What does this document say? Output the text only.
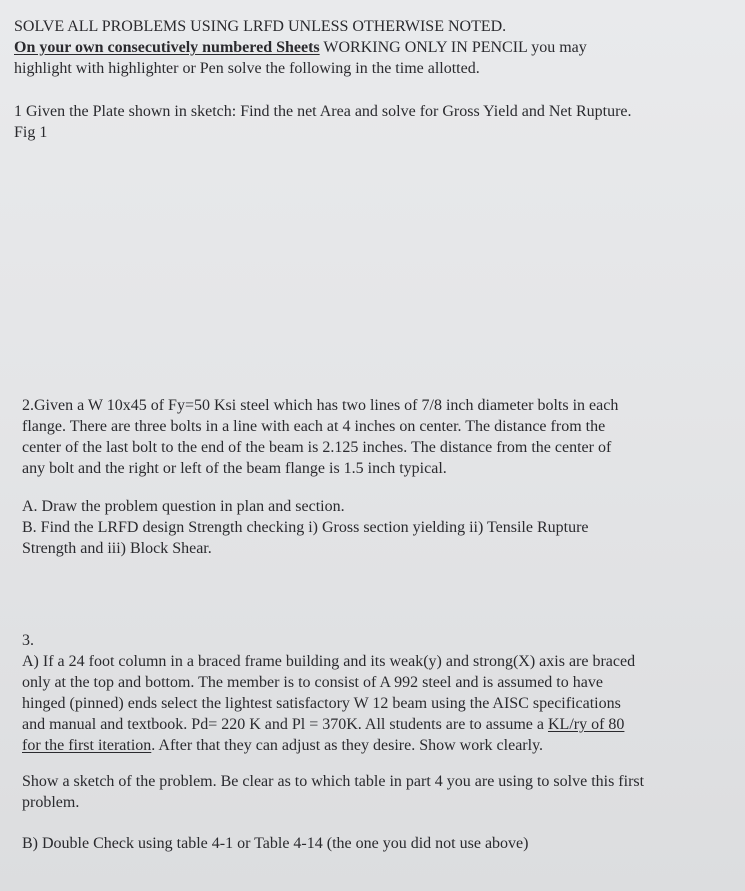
SOLVE ALL PROBLEMS USING LRFD UNLESS OTHERWISE NOTED.
On your own consecutively numbered Sheets WORKING ONLY IN PENCIL you may
highlight with highlighter or Pen solve the following in the time allotted.
1 Given the Plate shown in sketch: Find the net Area and solve for Gross Yield and Net Rupture.
Fig 1
2.Given a W 10x45 of Fy=50 Ksi steel which has two lines of 7/8 inch diameter bolts in each
flange. There are three bolts in a line with each at 4 inches on center. The distance from the
center of the last bolt to the end of the beam is 2.125 inches. The distance from the center of
any bolt and the right or left of the beam flange is 1.5 inch typical.
A. Draw the problem question in plan and section.
B. Find the LRFD design Strength checking i) Gross section yielding ii) Tensile Rupture
Strength and iii) Block Shear.
3.
A) If a 24 foot column in a braced frame building and its weak(y) and strong(X) axis are braced
only at the top and bottom. The member is to consist of A 992 steel and is assumed to have
hinged (pinned) ends select the lightest satisfactory W 12 beam using the AISC specifications
and manual and textbook. Pd= 220 K and Pl = 370K. All students are to assume a KL/ry of 80
for the first iteration. After that they can adjust as they desire. Show work clearly.
Show a sketch of the problem. Be clear as to which table in part 4 you are using to solve this first
problem.
B) Double Check using table 4-1 or Table 4-14 (the one you did not use above)
